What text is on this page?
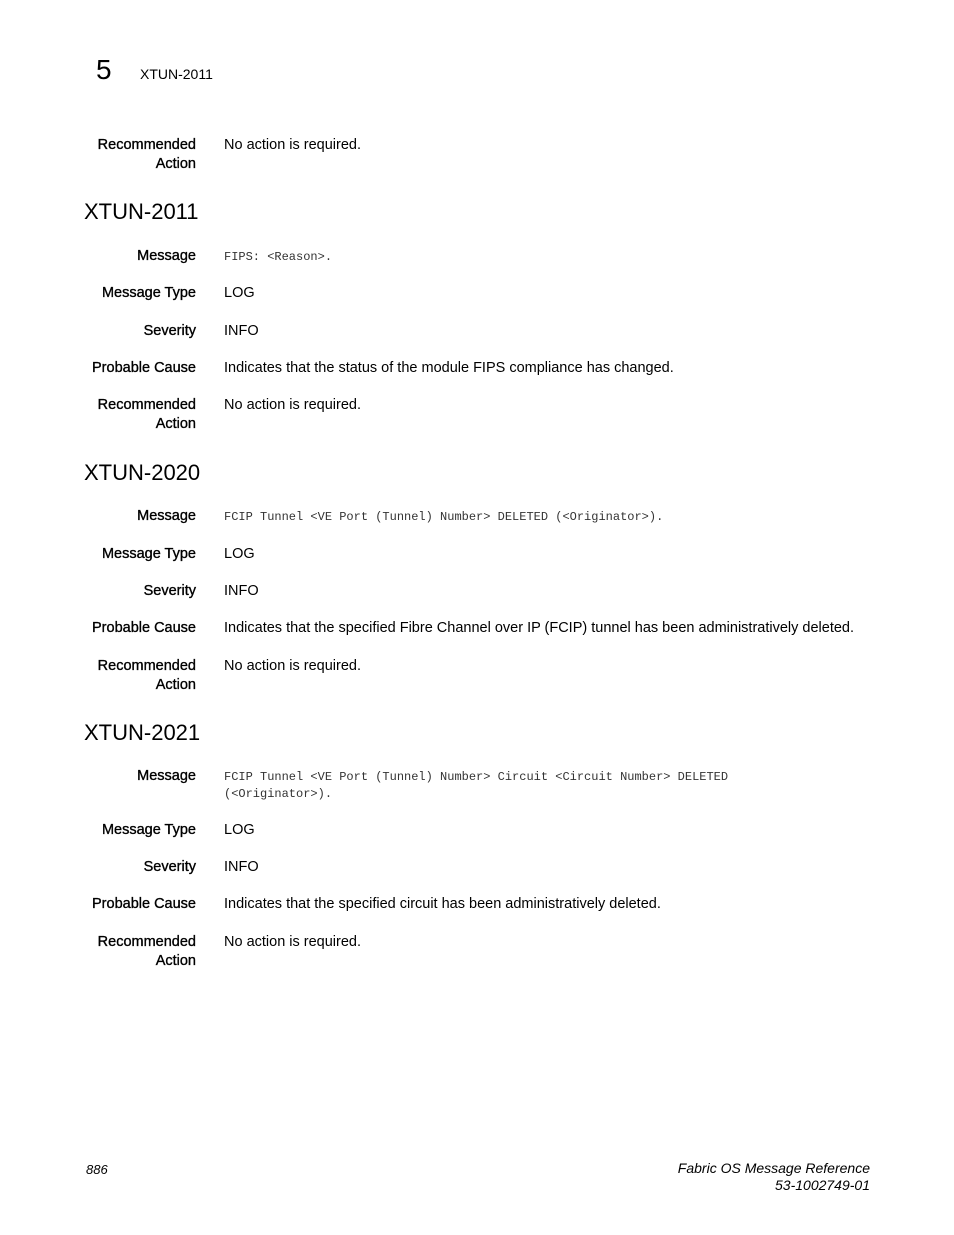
5 XTUN-2011
Recommended
Action
No action is required.
XTUN-2011
Message FIPS: <Reason>.
Message Type LOG
Severity INFO
Probable Cause Indicates that the status of the module FIPS compliance has changed.
Recommended
Action
No action is required.
XTUN-2020
Message FCIP Tunnel <VE Port (Tunnel) Number> DELETED (<Originator>).
Message Type LOG
Severity INFO
Probable Cause Indicates that the specified Fibre Channel over IP (FCIP) tunnel has been administratively deleted.
Recommended
Action
No action is required.
XTUN-2021
Message FCIP Tunnel <VE Port (Tunnel) Number> Circuit <Circuit Number> DELETED
(<Originator>).
Message Type LOG
Severity INFO
Probable Cause Indicates that the specified circuit has been administratively deleted.
Recommended
Action
No action is required.
886	Fabric OS Message Reference
53-1002749-01
